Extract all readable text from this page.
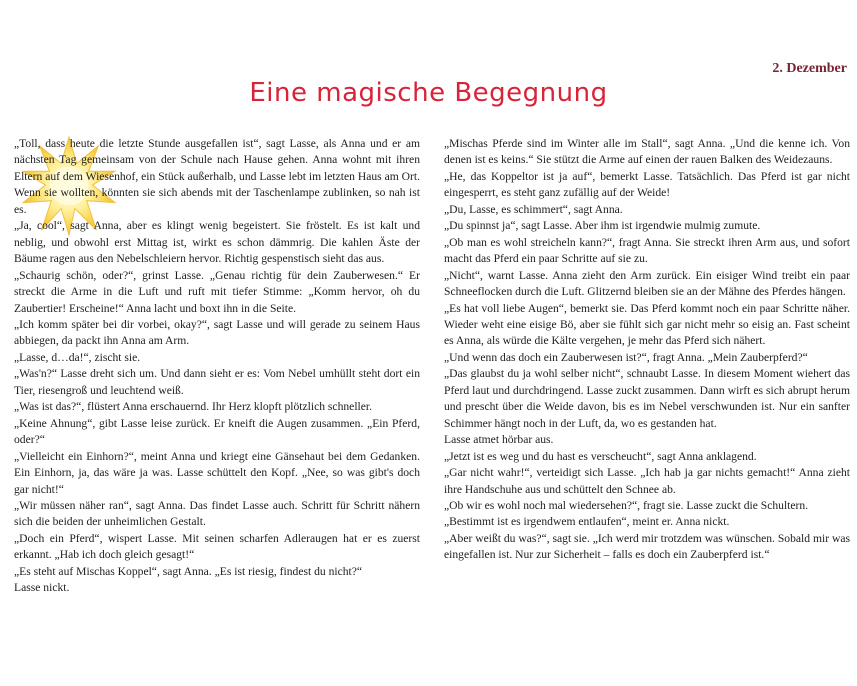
2. Dezember
Eine magische Begegnung

„Toll, dass heute die letzte Stunde ausgefallen ist“, sagt Lasse, als Anna und er am nächsten Tag gemeinsam von der Schule nach Hause gehen. Anna wohnt mit ihren Eltern auf dem Wiesenhof, ein Stück außerhalb, und Lasse lebt im letzten Haus am Ort. Wenn sie wollten, könnten sie sich abends mit der Taschenlampe zublinken, so nah ist es.

„Ja, cool“, sagt Anna, aber es klingt wenig begeistert. Sie fröstelt. Es ist kalt und neblig, und obwohl erst Mittag ist, wirkt es schon dämmrig. Die kahlen Äste der Bäume ragen aus den Nebelschleiern hervor. Richtig gespenstisch sieht das aus.

„Schaurig schön, oder?“, grinst Lasse. „Genau richtig für dein Zauberwesen.“ Er streckt die Arme in die Luft und ruft mit tiefer Stimme: „Komm hervor, oh du Zaubertier! Erscheine!“ Anna lacht und boxt ihn in die Seite.

„Ich komm später bei dir vorbei, okay?“, sagt Lasse und will gerade zu seinem Haus abbiegen, da packt ihn Anna am Arm.

„Lasse, d…da!“, zischt sie.

„Was'n?“ Lasse dreht sich um. Und dann sieht er es: Vom Nebel umhüllt steht dort ein Tier, riesengroß und leuchtend weiß.

„Was ist das?“, flüstert Anna erschauernd. Ihr Herz klopft plötzlich schneller.

„Keine Ahnung“, gibt Lasse leise zurück. Er kneift die Augen zusammen. „Ein Pferd, oder?“

„Vielleicht ein Einhorn?“, meint Anna und kriegt eine Gänsehaut bei dem Gedanken. Ein Einhorn, ja, das wäre ja was. Lasse schüttelt den Kopf. „Nee, so was gibt's doch gar nicht!“

„Wir müssen näher ran“, sagt Anna. Das findet Lasse auch. Schritt für Schritt nähern sich die beiden der unheimlichen Gestalt.

„Doch ein Pferd“, wispert Lasse. Mit seinen scharfen Adleraugen hat er es zuerst erkannt. „Hab ich doch gleich gesagt!“

„Es steht auf Mischas Koppel“, sagt Anna. „Es ist riesig, findest du nicht?“

Lasse nickt.

„Mischas Pferde sind im Winter alle im Stall“, sagt Anna. „Und die kenne ich. Von denen ist es keins.“ Sie stützt die Arme auf einen der rauen Balken des Weidezauns.

„He, das Koppeltor ist ja auf“, bemerkt Lasse. Tatsächlich. Das Pferd ist gar nicht eingesperrt, es steht ganz zufällig auf der Weide!

„Du, Lasse, es schimmert“, sagt Anna.

„Du spinnst ja“, sagt Lasse. Aber ihm ist irgendwie mulmig zumute.

„Ob man es wohl streicheln kann?“, fragt Anna. Sie streckt ihren Arm aus, und sofort macht das Pferd ein paar Schritte auf sie zu.

„Nicht“, warnt Lasse. Anna zieht den Arm zurück. Ein eisiger Wind treibt ein paar Schneeflocken durch die Luft. Glitzernd bleiben sie an der Mähne des Pferdes hängen.

„Es hat voll liebe Augen“, bemerkt sie. Das Pferd kommt noch ein paar Schritte näher. Wieder weht eine eisige Bö, aber sie fühlt sich gar nicht mehr so eisig an. Fast scheint es Anna, als würde die Kälte vergehen, je mehr das Pferd sich nähert.

„Und wenn das doch ein Zauberwesen ist?“, fragt Anna. „Mein Zauberpferd?“

„Das glaubst du ja wohl selber nicht“, schnaubt Lasse. In diesem Moment wiehert das Pferd laut und durchdringend. Lasse zuckt zusammen. Dann wirft es sich abrupt herum und prescht über die Weide davon, bis es im Nebel verschwunden ist. Nur ein sanfter Schimmer hängt noch in der Luft, da, wo es gestanden hat.

Lasse atmet hörbar aus.

„Jetzt ist es weg und du hast es verscheucht“, sagt Anna anklagend.

„Gar nicht wahr!“, verteidigt sich Lasse. „Ich hab ja gar nichts gemacht!“ Anna zieht ihre Handschuhe aus und schüttelt den Schnee ab.

„Ob wir es wohl noch mal wiedersehen?“, fragt sie. Lasse zuckt die Schultern.

„Bestimmt ist es irgendwem entlaufen“, meint er. Anna nickt.

„Aber weißt du was?“, sagt sie. „Ich werd mir trotzdem was wünschen. Sobald mir was eingefallen ist. Nur zur Sicherheit – falls es doch ein Zauberpferd ist.“
